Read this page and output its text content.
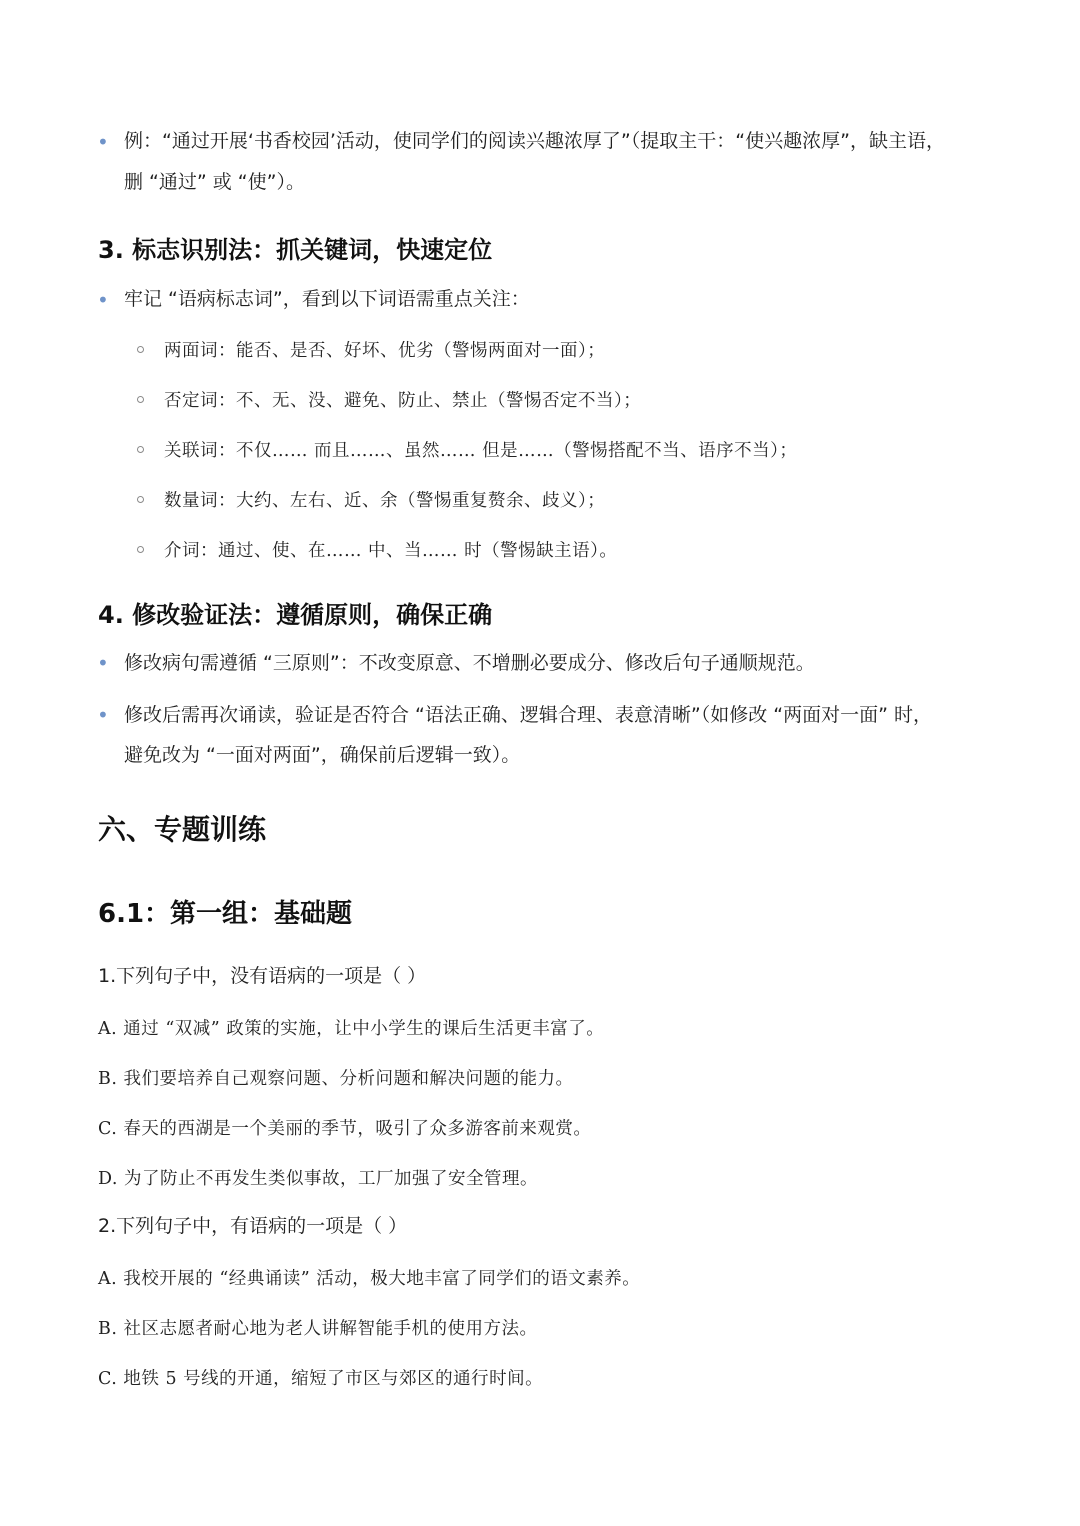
• 例：“通过开展‘书香校园’活动，使同学们的阅读兴趣浓厚了”（提取主干：“使兴趣浓厚”，缺主语，
删 “通过” 或 “使”）。
3. 标志识别法：抓关键词，快速定位
• 牢记 “语病标志词”，看到以下词语需重点关注：
两面词：能否、是否、好坏、优劣（警惕两面对一面）；
否定词：不、无、没、避免、防止、禁止（警惕否定不当）；
关联词：不仅…… 而且……、虽然…… 但是……（警惕搭配不当、语序不当）；
数量词：大约、左右、近、余（警惕重复赘余、歧义）；
介词：通过、使、在…… 中、当…… 时（警惕缺主语）。
4. 修改验证法：遵循原则，确保正确
• 修改病句需遵循 “三原则”：不改变原意、不增删必要成分、修改后句子通顺规范。
• 修改后需再次诵读，验证是否符合 “语法正确、逻辑合理、表意清晰”（如修改 “两面对一面” 时，
避免改为 “一面对两面”，确保前后逻辑一致）。
六、专题训练
6.1：第一组：基础题
1.下列句子中，没有语病的一项是（ ）
A. 通过 “双减” 政策的实施，让中小学生的课后生活更丰富了。
B. 我们要培养自己观察问题、分析问题和解决问题的能力。
C. 春天的西湖是一个美丽的季节，吸引了众多游客前来观赏。
D. 为了防止不再发生类似事故，工厂加强了安全管理。
2.下列句子中，有语病的一项是（ ）
A. 我校开展的 “经典诵读” 活动，极大地丰富了同学们的语文素养。
B. 社区志愿者耐心地为老人讲解智能手机的使用方法。
C. 地铁 5 号线的开通，缩短了市区与郊区的通行时间。
